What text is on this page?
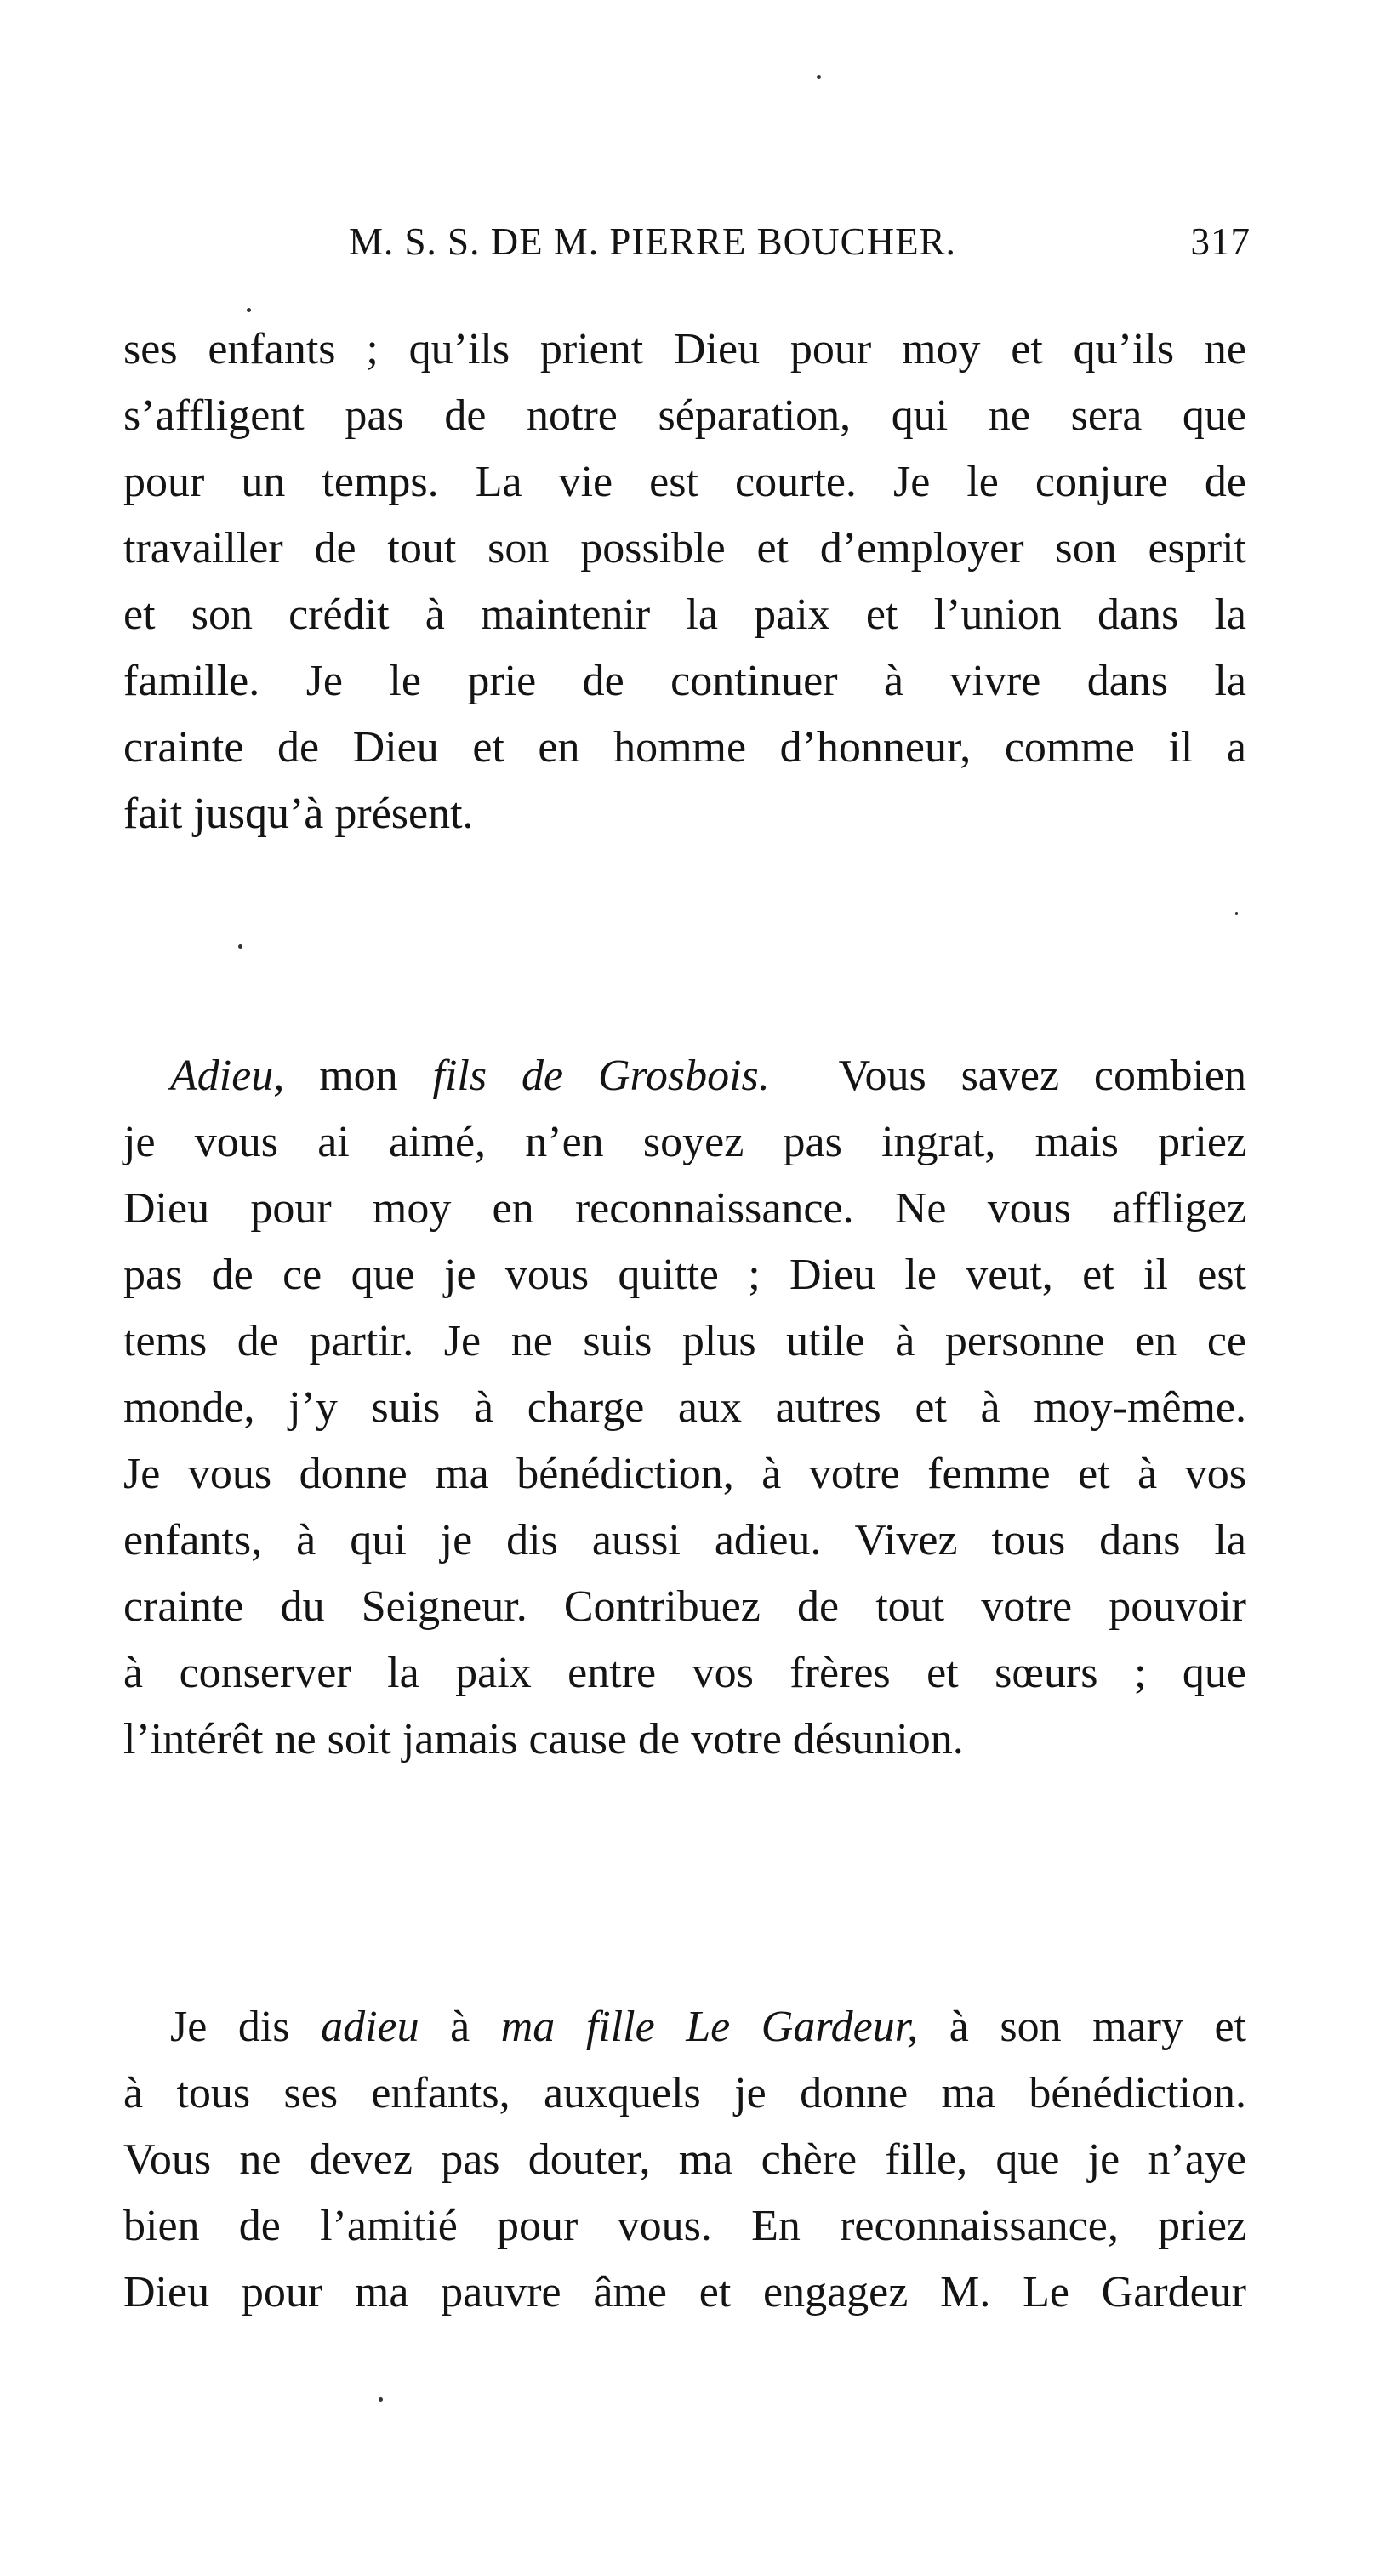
M. S. S. DE M. PIERRE BOUCHER.	317
ses enfants ; qu’ils prient Dieu pour moy et qu’ils ne
s’affligent pas de notre séparation, qui ne sera que
pour un temps. La vie est courte. Je le conjure de
travailler de tout son possible et d’employer son esprit
et son crédit à maintenir la paix et l’union dans la
famille. Je le prie de continuer à vivre dans la
crainte de Dieu et en homme d’honneur, comme il a
fait jusqu’à présent.
Adieu, mon fils de Grosbois.  Vous savez combien
je vous ai aimé, n’en soyez pas ingrat, mais priez
Dieu pour moy en reconnaissance. Ne vous affligez
pas de ce que je vous quitte ; Dieu le veut, et il est
tems de partir. Je ne suis plus utile à personne en ce
monde, j’y suis à charge aux autres et à moy-même.
Je vous donne ma bénédiction, à votre femme et à vos
enfants, à qui je dis aussi adieu. Vivez tous dans la
crainte du Seigneur. Contribuez de tout votre pouvoir
à conserver la paix entre vos frères et sœurs ; que
l’intérêt ne soit jamais cause de votre désunion.
Je dis adieu à ma fille Le Gardeur, à son mary et
à tous ses enfants, auxquels je donne ma bénédiction.
Vous ne devez pas douter, ma chère fille, que je n’aye
bien de l’amitié pour vous. En reconnaissance, priez
Dieu pour ma pauvre âme et engagez M. Le Gardeur
